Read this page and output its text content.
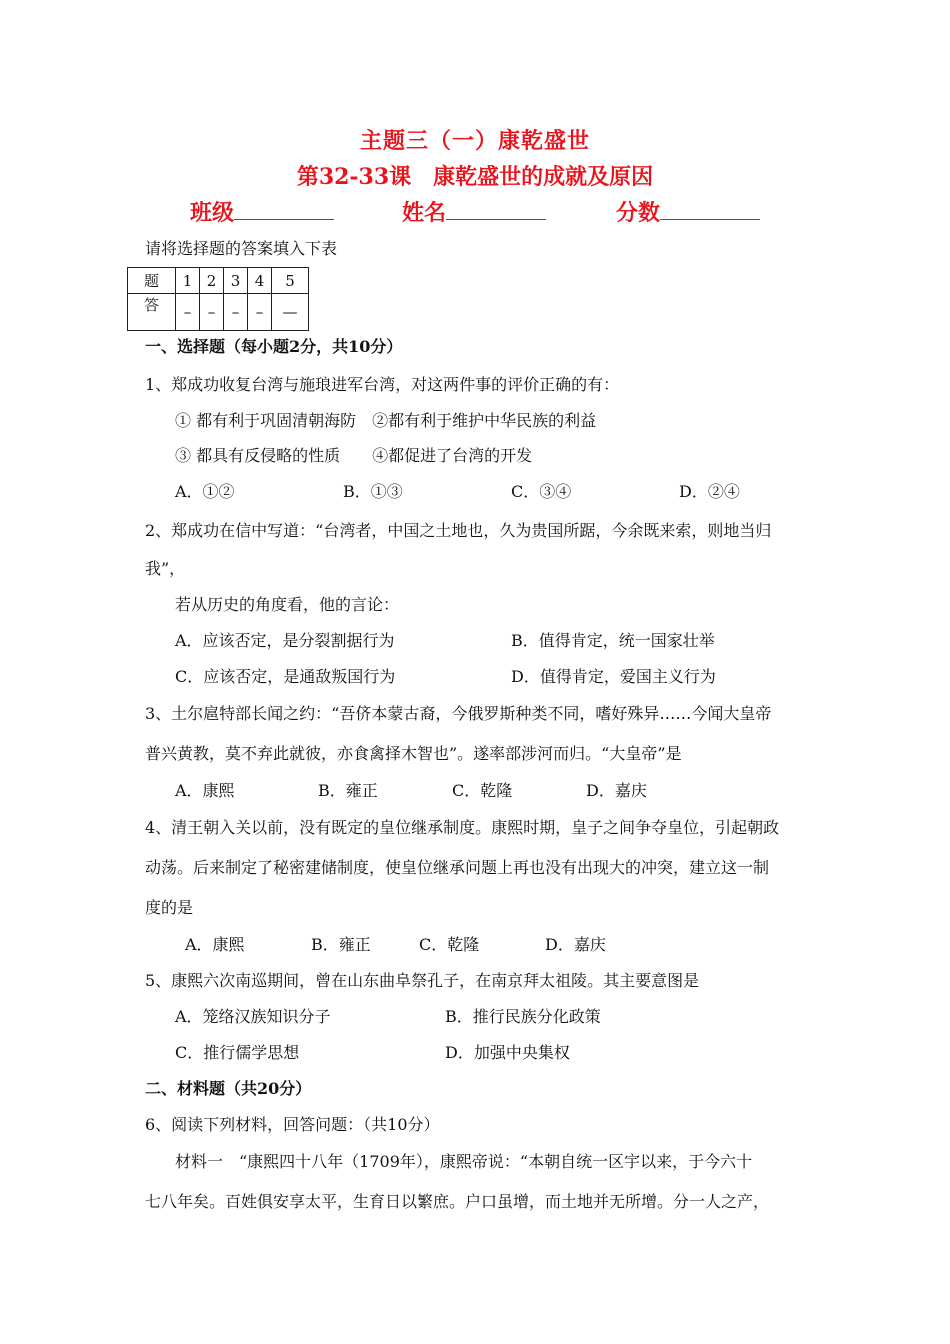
主题三（一）康乾盛世
第32-33课　康乾盛世的成就及原因
班级	姓名	分数
请将选择题的答案填入下表
题	1	2	3	4	5
答	–	–	–	–	—
一、选择题（每小题2分，共10分）
1、郑成功收复台湾与施琅进军台湾，对这两件事的评价正确的有：
① 都有利于巩固清朝海防　②都有利于维护中华民族的利益
③ 都具有反侵略的性质　　④都促进了台湾的开发
A．①②	B．①③	C．③④	D．②④
2、郑成功在信中写道：“台湾者，中国之土地也，久为贵国所踞，今余既来索，则地当归
我”，
若从历史的角度看，他的言论：
A．应该否定，是分裂割据行为	B．值得肯定，统一国家壮举
C．应该否定，是通敌叛国行为	D．值得肯定，爱国主义行为
3、土尔扈特部长闻之约：“吾侪本蒙古裔，今俄罗斯种类不同，嗜好殊异……今闻大皇帝
普兴黄教，莫不弃此就彼，亦食禽择木智也”。遂率部涉河而归。“大皇帝”是
A．康熙	B．雍正	C．乾隆	D．嘉庆
4、清王朝入关以前，没有既定的皇位继承制度。康熙时期，皇子之间争夺皇位，引起朝政
动荡。后来制定了秘密建储制度，使皇位继承问题上再也没有出现大的冲突，建立这一制
度的是
A．康熙	B．雍正	C．乾隆	D．嘉庆
5、康熙六次南巡期间，曾在山东曲阜祭孔子，在南京拜太祖陵。其主要意图是
A．笼络汉族知识分子	B．推行民族分化政策
C．推行儒学思想	D．加强中央集权
二、材料题（共20分）
6、阅读下列材料，回答问题：（共10分）
材料一　“康熙四十八年（1709年），康熙帝说：“本朝自统一区宇以来，于今六十
七八年矣。百姓俱安享太平，生育日以繁庶。户口虽增，而土地并无所增。分一人之产，
